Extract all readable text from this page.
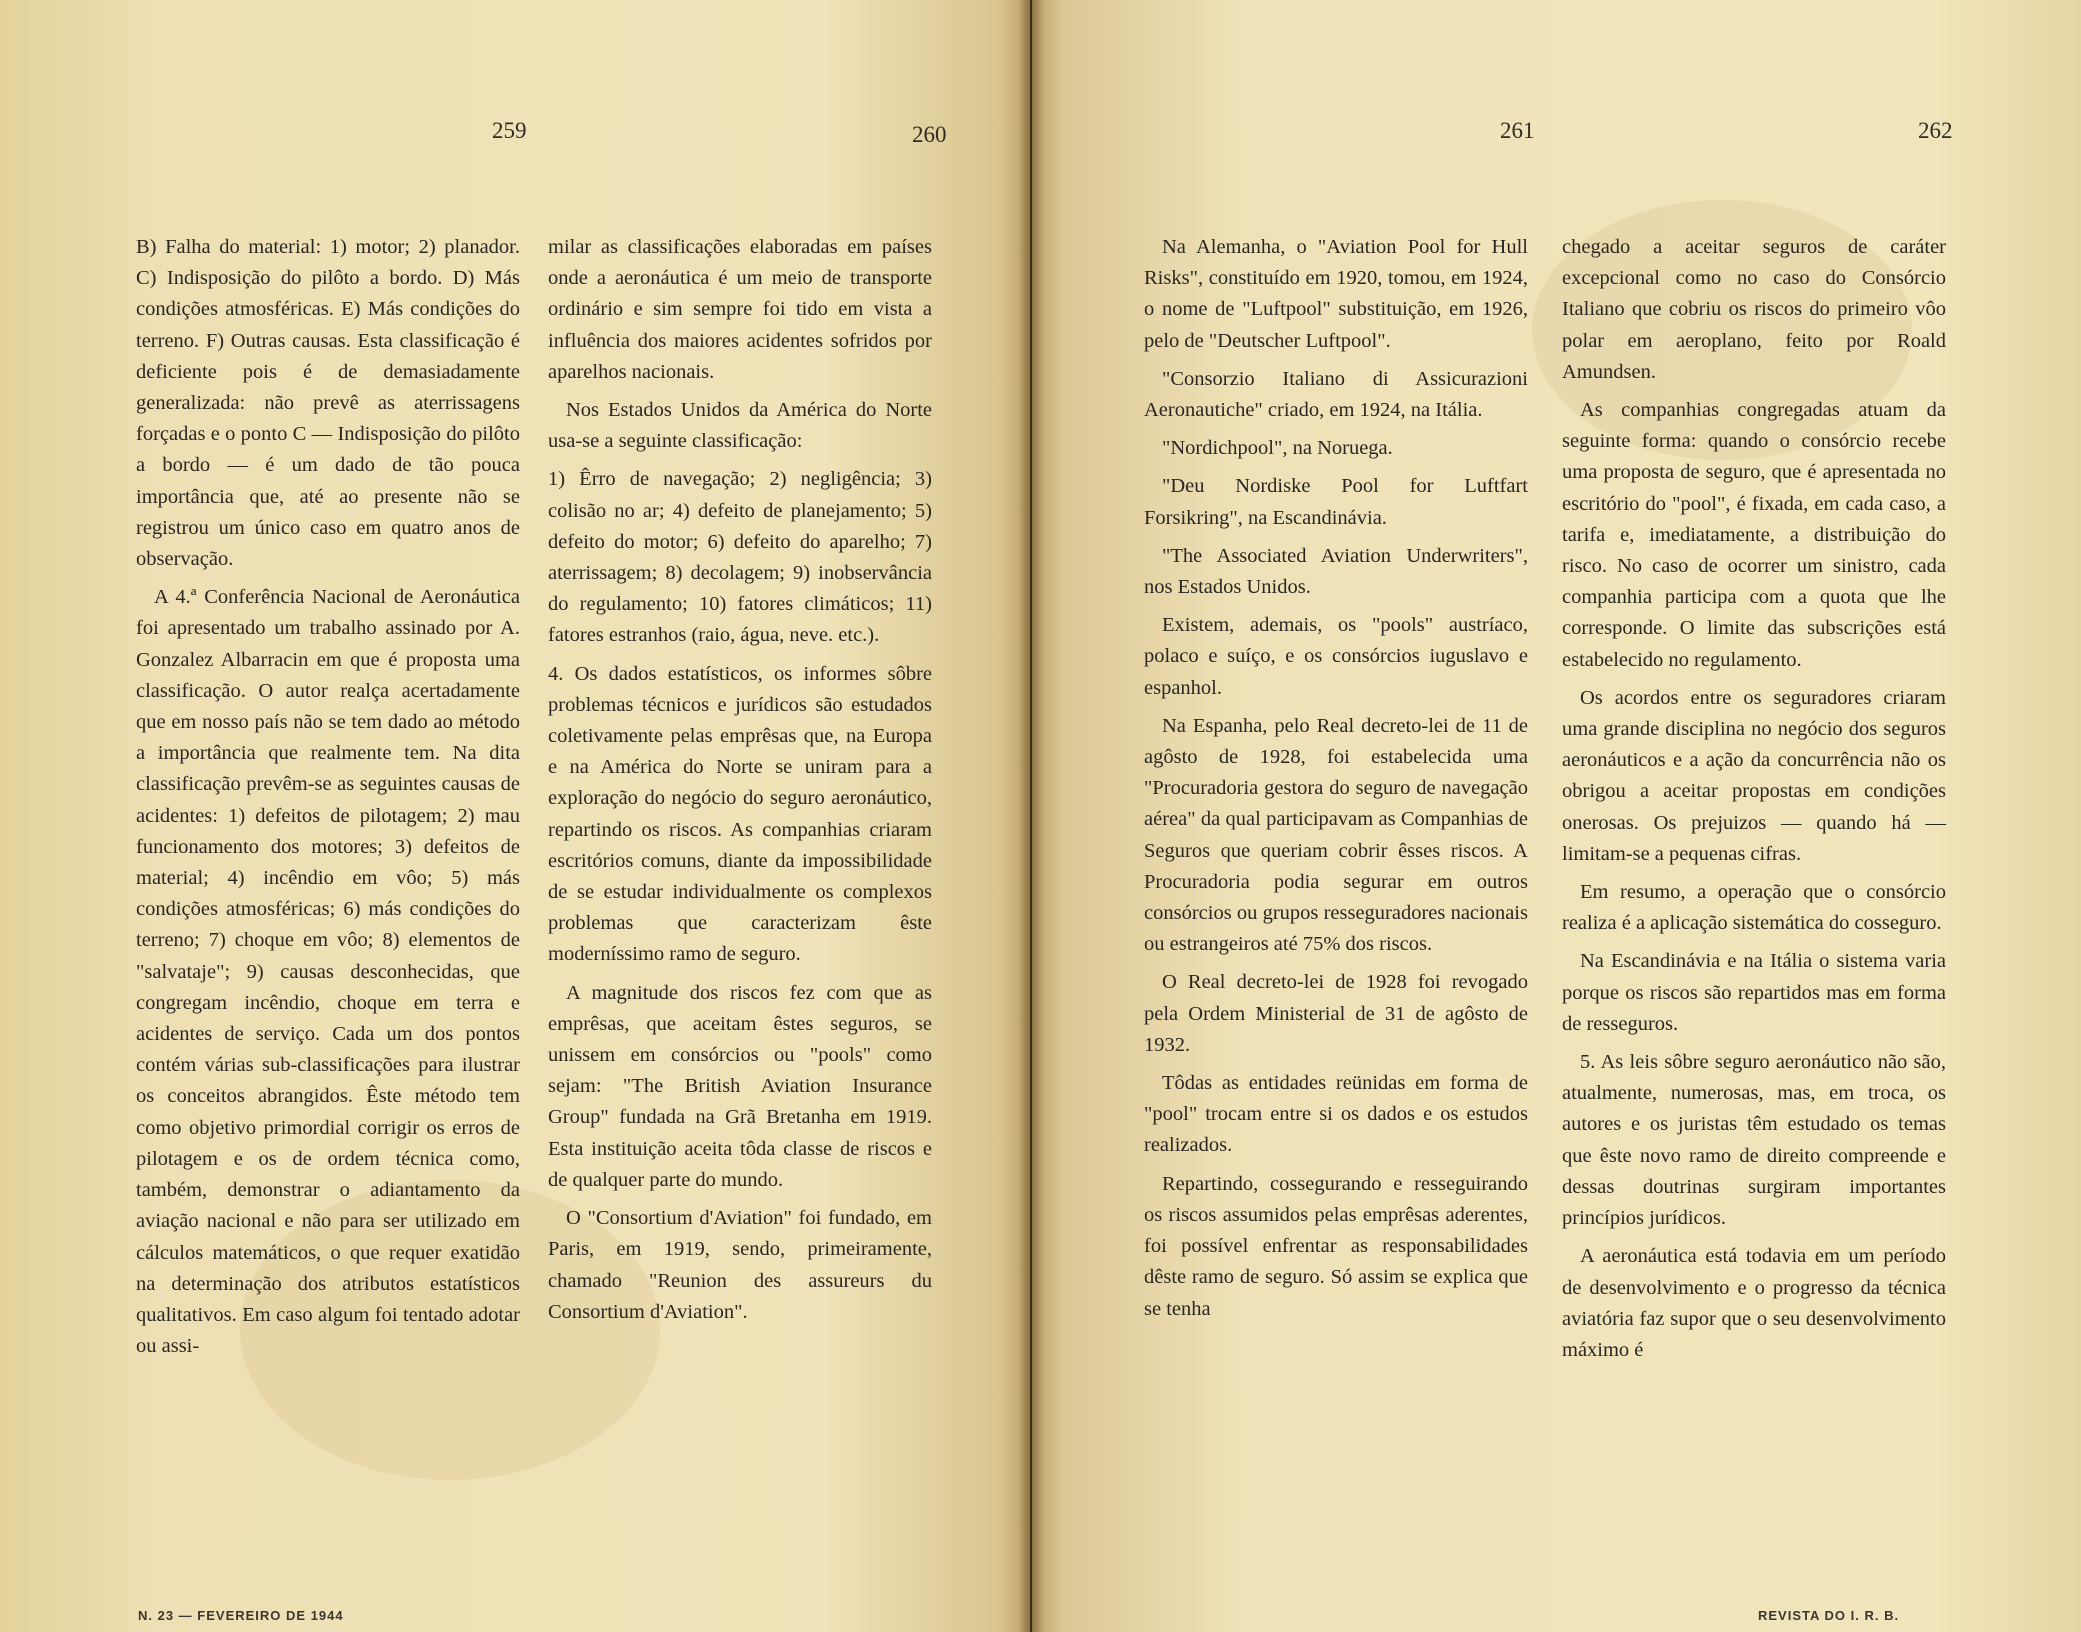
259

B) Falha do material: 1) motor; 2) planador. C) Indisposição do pilôto a bordo. D) Más condições atmosféricas. E) Más condições do terreno. F) Outras causas. Esta classificação é deficiente pois é de demasiadamente generalizada: não prevê as aterrissagens forçadas e o ponto C — Indisposição do pilôto a bordo — é um dado de tão pouca importância que, até ao presente não se registrou um único caso em quatro anos de observação.

A 4.ª Conferência Nacional de Aeronáutica foi apresentado um trabalho assinado por A. Gonzalez Albarracin em que é proposta uma classificação. O autor realça acertadamente que em nosso país não se tem dado ao método a importância que realmente tem. Na dita classificação prevêm-se as seguintes causas de acidentes: 1) defeitos de pilotagem; 2) mau funcionamento dos motores; 3) defeitos de material; 4) incêndio em vôo; 5) más condições atmosféricas; 6) más condições do terreno; 7) choque em vôo; 8) elementos de "salvataje"; 9) causas desconhecidas, que congregam incêndio, choque em terra e acidentes de serviço. Cada um dos pontos contém várias sub-classificações para ilustrar os conceitos abrangidos. Êste método tem como objetivo primordial corrigir os erros de pilotagem e os de ordem técnica como, também, demonstrar o adiantamento da aviação nacional e não para ser utilizado em cálculos matemáticos, o que requer exatidão na determinação dos atributos estatísticos qualitativos. Em caso algum foi tentado adotar ou assi-

260

milar as classificações elaboradas em países onde a aeronáutica é um meio de transporte ordinário e sim sempre foi tido em vista a influência dos maiores acidentes sofridos por aparelhos nacionais.

Nos Estados Unidos da América do Norte usa-se a seguinte classificação:

1) Êrro de navegação; 2) negligência; 3) colisão no ar; 4) defeito de planejamento; 5) defeito do motor; 6) defeito do aparelho; 7) aterrissagem; 8) decolagem; 9) inobservância do regulamento; 10) fatores climáticos; 11) fatores estranhos (raio, água, neve. etc.).

4. Os dados estatísticos, os informes sôbre problemas técnicos e jurídicos são estudados coletivamente pelas emprêsas que, na Europa e na América do Norte se uniram para a exploração do negócio do seguro aeronáutico, repartindo os riscos. As companhias criaram escritórios comuns, diante da impossibilidade de se estudar individualmente os complexos problemas que caracterizam êste moderníssimo ramo de seguro.

A magnitude dos riscos fez com que as emprêsas, que aceitam êstes seguros, se unissem em consórcios ou "pools" como sejam: "The British Aviation Insurance Group" fundada na Grã Bretanha em 1919. Esta instituição aceita tôda classe de riscos e de qualquer parte do mundo.

O "Consortium d'Aviation" foi fundado, em Paris, em 1919, sendo, primeiramente, chamado "Reunion des assureurs du Consortium d'Aviation".

261

Na Alemanha, o "Aviation Pool for Hull Risks", constituído em 1920, tomou, em 1924, o nome de "Luftpool" substituição, em 1926, pelo de "Deutscher Luftpool".

"Consorzio Italiano di Assicurazioni Aeronautiche" criado, em 1924, na Itália.

"Nordichpool", na Noruega.

"Deu Nordiske Pool for Luftfart Forsikring", na Escandinávia.

"The Associated Aviation Underwriters", nos Estados Unidos.

Existem, ademais, os "pools" austríaco, polaco e suíço, e os consórcios iuguslavo e espanhol.

Na Espanha, pelo Real decreto-lei de 11 de agôsto de 1928, foi estabelecida uma "Procuradoria gestora do seguro de navegação aérea" da qual participavam as Companhias de Seguros que queriam cobrir êsses riscos. A Procuradoria podia segurar em outros consórcios ou grupos resseguradores nacionais ou estrangeiros até 75% dos riscos.

O Real decreto-lei de 1928 foi revogado pela Ordem Ministerial de 31 de agôsto de 1932.

Tôdas as entidades reünidas em forma de "pool" trocam entre si os dados e os estudos realizados.

Repartindo, cossegurando e resseguirando os riscos assumidos pelas emprêsas aderentes, foi possível enfrentar as responsabilidades dêste ramo de seguro. Só assim se explica que se tenha

262

chegado a aceitar seguros de caráter excepcional como no caso do Consórcio Italiano que cobriu os riscos do primeiro vôo polar em aeroplano, feito por Roald Amundsen.

As companhias congregadas atuam da seguinte forma: quando o consórcio recebe uma proposta de seguro, que é apresentada no escritório do "pool", é fixada, em cada caso, a tarifa e, imediatamente, a distribuição do risco. No caso de ocorrer um sinistro, cada companhia participa com a quota que lhe corresponde. O limite das subscrições está estabelecido no regulamento.

Os acordos entre os seguradores criaram uma grande disciplina no negócio dos seguros aeronáuticos e a ação da concurrência não os obrigou a aceitar propostas em condições onerosas. Os prejuizos — quando há — limitam-se a pequenas cifras.

Em resumo, a operação que o consórcio realiza é a aplicação sistemática do cosseguro.

Na Escandinávia e na Itália o sistema varia porque os riscos são repartidos mas em forma de resseguros.

5. As leis sôbre seguro aeronáutico não são, atualmente, numerosas, mas, em troca, os autores e os juristas têm estudado os temas que êste novo ramo de direito compreende e dessas doutrinas surgiram importantes princípios jurídicos.

A aeronáutica está todavia em um período de desenvolvimento e o progresso da técnica aviatória faz supor que o seu desenvolvimento máximo é

N. 23 — FEVEREIRO DE 1944	REVISTA DO I. R. B.
